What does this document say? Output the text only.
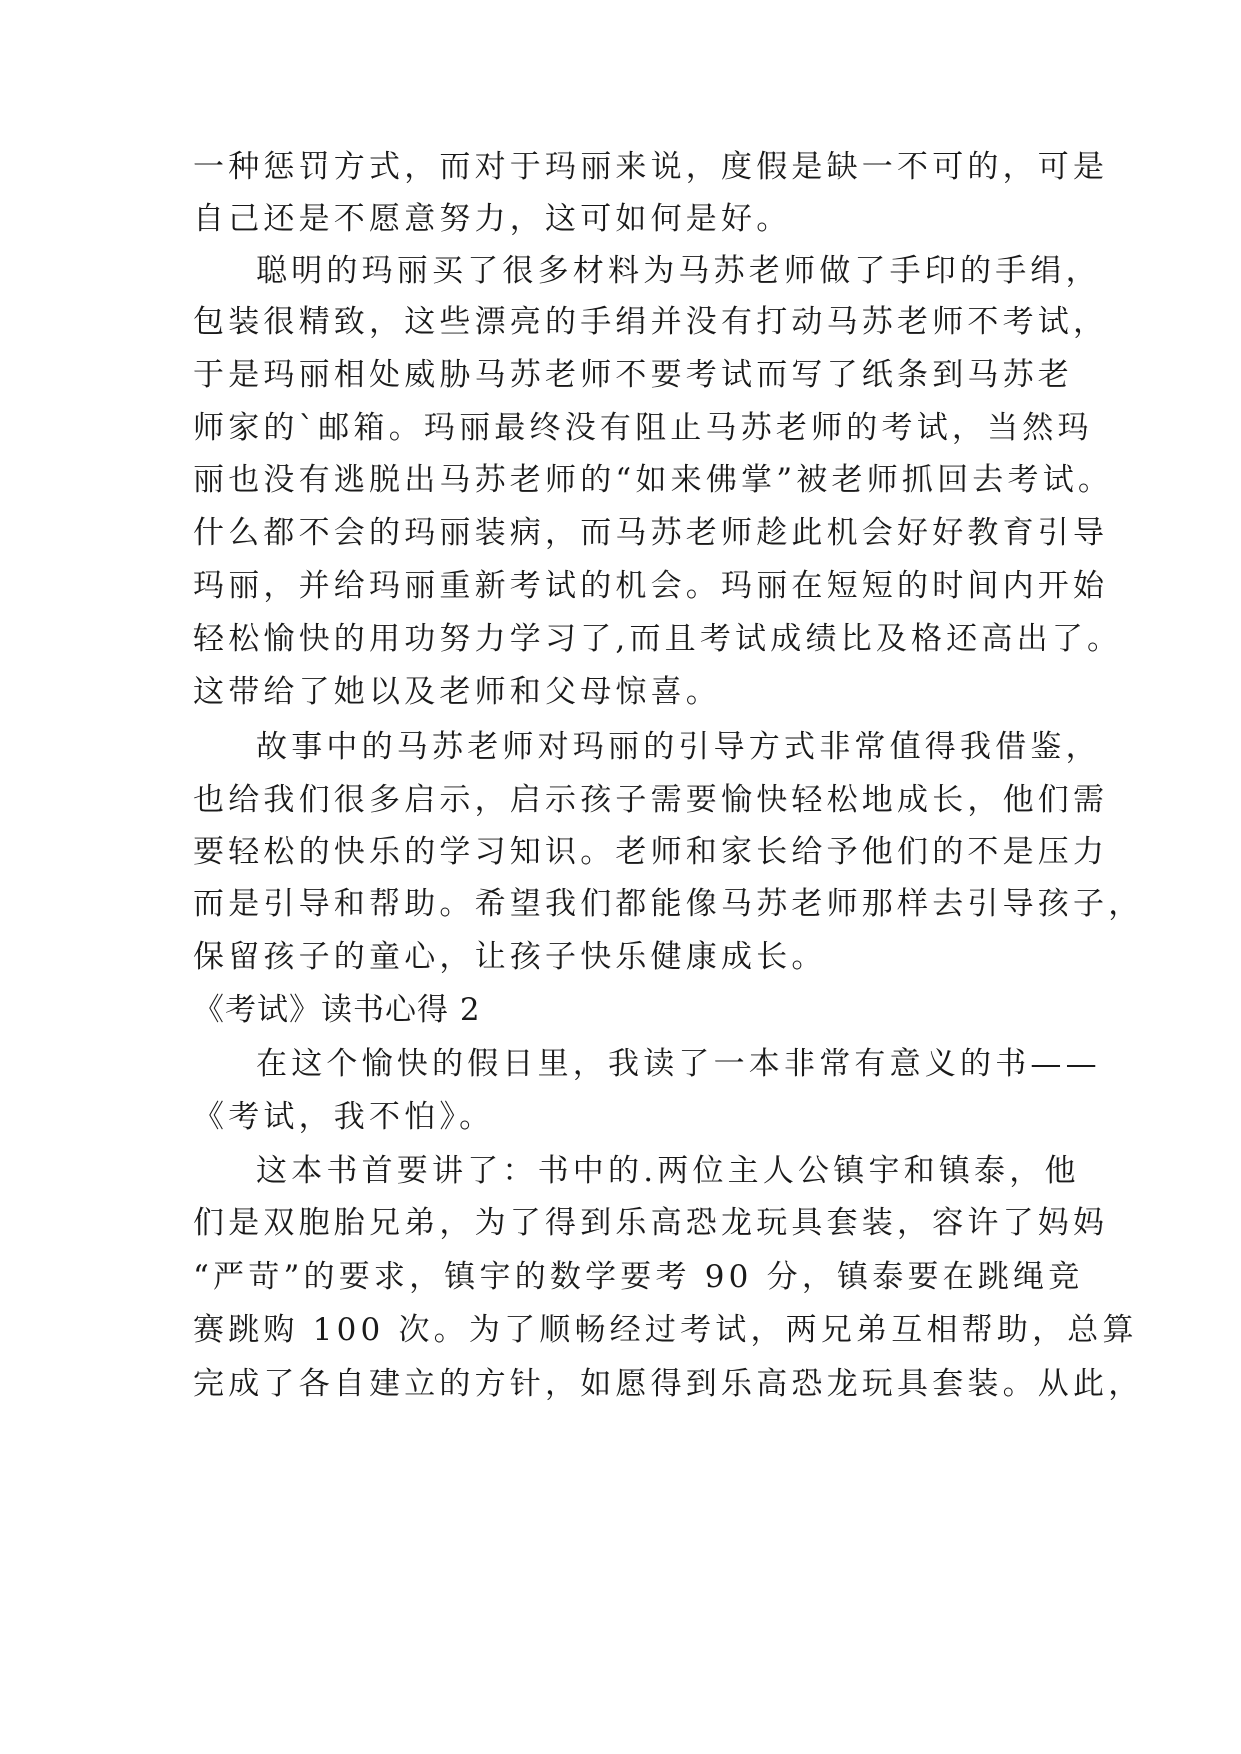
一种惩罚方式，而对于玛丽来说，度假是缺一不可的，可是
自己还是不愿意努力，这可如何是好。
聪明的玛丽买了很多材料为马苏老师做了手印的手绢，
包装很精致，这些漂亮的手绢并没有打动马苏老师不考试，
于是玛丽相处威胁马苏老师不要考试而写了纸条到马苏老
师家的`邮箱。玛丽最终没有阻止马苏老师的考试，当然玛
丽也没有逃脱出马苏老师的“如来佛掌”被老师抓回去考试。
什么都不会的玛丽装病，而马苏老师趁此机会好好教育引导
玛丽，并给玛丽重新考试的机会。玛丽在短短的时间内开始
轻松愉快的用功努力学习了,而且考试成绩比及格还高出了。
这带给了她以及老师和父母惊喜。
故事中的马苏老师对玛丽的引导方式非常值得我借鉴，
也给我们很多启示，启示孩子需要愉快轻松地成长，他们需
要轻松的快乐的学习知识。老师和家长给予他们的不是压力
而是引导和帮助。希望我们都能像马苏老师那样去引导孩子，
保留孩子的童心，让孩子快乐健康成长。
《考试》读书心得 2
在这个愉快的假日里，我读了一本非常有意义的书——
《考试，我不怕》。
这本书首要讲了：书中的.两位主人公镇宇和镇泰，他
们是双胞胎兄弟，为了得到乐高恐龙玩具套装，容许了妈妈
“严苛”的要求，镇宇的数学要考 90 分，镇泰要在跳绳竞
赛跳购 100 次。为了顺畅经过考试，两兄弟互相帮助，总算
完成了各自建立的方针，如愿得到乐高恐龙玩具套装。从此，
